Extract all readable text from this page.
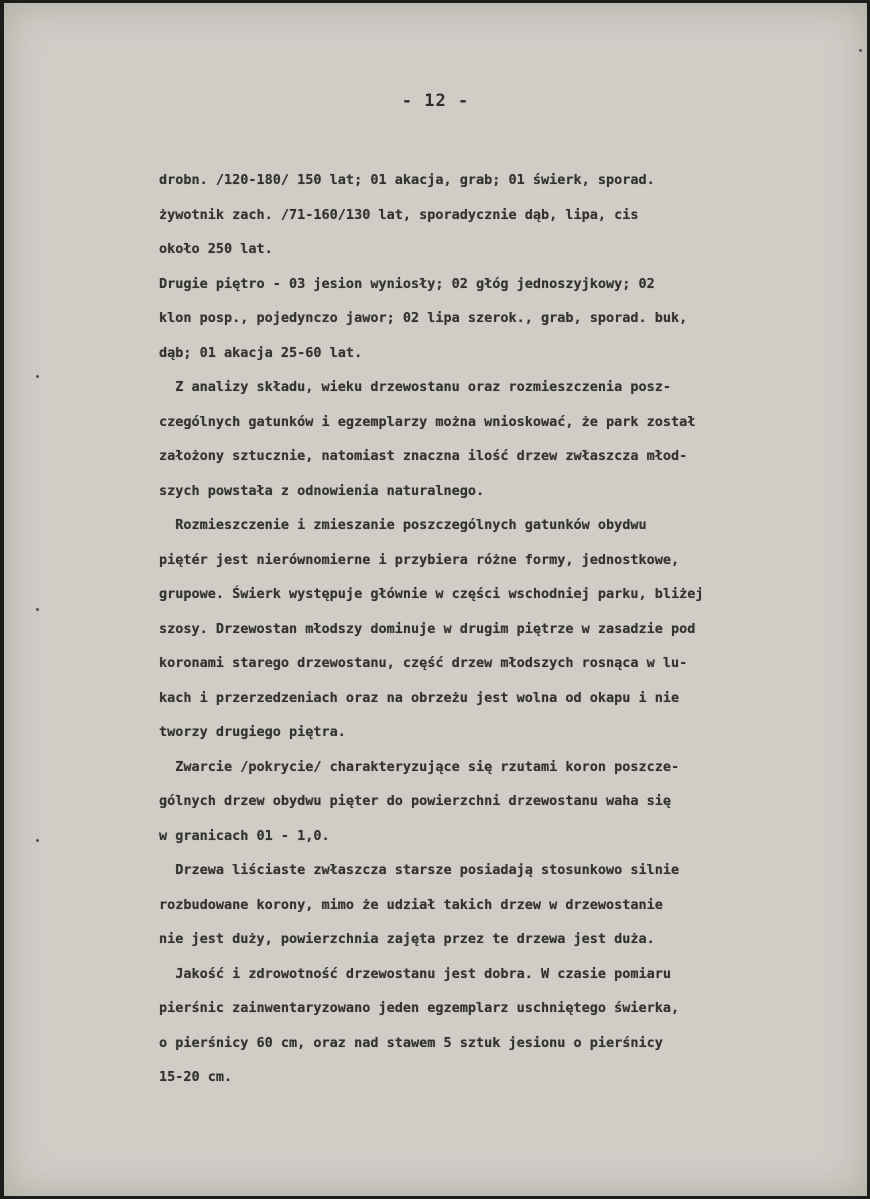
- 12 -
drobn. /120-180/ 150 lat; 01 akacja, grab; 01 świerk, sporad.
żywotnik zach. /71-160/130 lat, sporadycznie dąb, lipa, cis
około 250 lat.
Drugie piętro - 03 jesion wyniosły; 02 głóg jednoszyjkowy; 02
klon posp., pojedynczo jawor; 02 lipa szerok., grab, sporad. buk,
dąb; 01 akacja 25-60 lat.
Z analizy składu, wieku drzewostanu oraz rozmieszczenia posz-
czególnych gatunków i egzemplarzy można wnioskować, że park został
założony sztucznie, natomiast znaczna ilość drzew zwłaszcza młod-
szych powstała z odnowienia naturalnego.
Rozmieszczenie i zmieszanie poszczególnych gatunków obydwu
piętér jest nierównomierne i przybiera różne formy, jednostkowe,
grupowe. Świerk występuje głównie w części wschodniej parku, bliżej
szosy. Drzewostan młodszy dominuje w drugim piętrze w zasadzie pod
koronami starego drzewostanu, część drzew młodszych rosnąca w lu-
kach i przerzedzeniach oraz na obrzeżu jest wolna od okapu i nie
tworzy drugiego piętra.
Zwarcie /pokrycie/ charakteryzujące się rzutami koron poszcze-
gólnych drzew obydwu pięter do powierzchni drzewostanu waha się
w granicach 01 - 1,0.
Drzewa liściaste zwłaszcza starsze posiadają stosunkowo silnie
rozbudowane korony, mimo że udział takich drzew w drzewostanie
nie jest duży, powierzchnia zajęta przez te drzewa jest duża.
Jakość i zdrowotność drzewostanu jest dobra. W czasie pomiaru
pierśnic zainwentaryzowano jeden egzemplarz uschniętego świerka,
o pierśnicy 60 cm, oraz nad stawem 5 sztuk jesionu o pierśnicy
15-20 cm.
